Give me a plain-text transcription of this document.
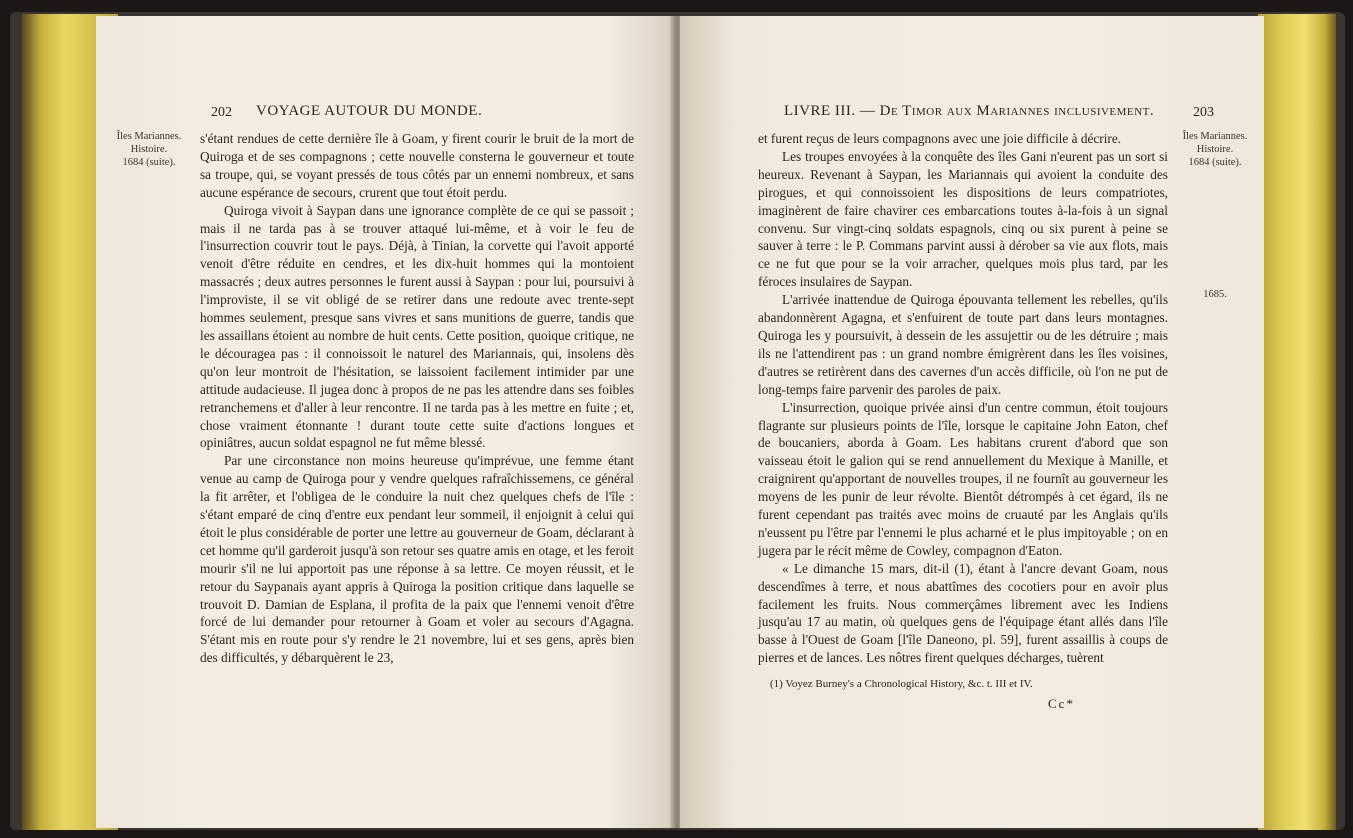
202 VOYAGE AUTOUR DU MONDE.
Îles Mariannes.
Histoire.
1684 (suite).

s'étant rendues de cette dernière île à Goam, y firent courir le bruit de la mort de Quiroga et de ses compagnons ; cette nouvelle consterna le gouverneur et toute sa troupe, qui, se voyant pressés de tous côtés par un ennemi nombreux, et sans aucune espérance de secours, crurent que tout étoit perdu.

Quiroga vivoit à Saypan dans une ignorance complète de ce qui se passoit ; mais il ne tarda pas à se trouver attaqué lui-même, et à voir le feu de l'insurrection couvrir tout le pays. Déjà, à Tinian, la corvette qui l'avoit apporté venoit d'être réduite en cendres, et les dix-huit hommes qui la montoient massacrés ; deux autres personnes le furent aussi à Saypan : pour lui, poursuivi à l'improviste, il se vit obligé de se retirer dans une redoute avec trente-sept hommes seulement, presque sans vivres et sans munitions de guerre, tandis que les assaillans étoient au nombre de huit cents. Cette position, quoique critique, ne le découragea pas : il connoissoit le naturel des Mariannais, qui, insolens dès qu'on leur montroit de l'hésitation, se laissoient facilement intimider par une attitude audacieuse. Il jugea donc à propos de ne pas les attendre dans ses foibles retranchemens et d'aller à leur rencontre. Il ne tarda pas à les mettre en fuite ; et, chose vraiment étonnante ! durant toute cette suite d'actions longues et opiniâtres, aucun soldat espagnol ne fut même blessé.

Par une circonstance non moins heureuse qu'imprévue, une femme étant venue au camp de Quiroga pour y vendre quelques rafraîchissemens, ce général la fit arrêter, et l'obligea de le conduire la nuit chez quelques chefs de l'île : s'étant emparé de cinq d'entre eux pendant leur sommeil, il enjoignit à celui qui étoit le plus considérable de porter une lettre au gouverneur de Goam, déclarant à cet homme qu'il garderoit jusqu'à son retour ses quatre amis en otage, et les feroit mourir s'il ne lui apportoit pas une réponse à sa lettre. Ce moyen réussit, et le retour du Saypanais ayant appris à Quiroga la position critique dans laquelle se trouvoit D. Damian de Esplana, il profita de la paix que l'ennemi venoit d'être forcé de lui demander pour retourner à Goam et voler au secours d'Agagna. S'étant mis en route pour s'y rendre le 21 novembre, lui et ses gens, après bien des difficultés, y débarquèrent le 23,

LIVRE III. — De Timor aux Mariannes inclusivement.	203
Îles Mariannes.
Histoire.
1684 (suite).
1685.

et furent reçus de leurs compagnons avec une joie difficile à décrire.

Les troupes envoyées à la conquête des îles Gani n'eurent pas un sort si heureux. Revenant à Saypan, les Mariannais qui avoient la conduite des pirogues, et qui connoissoient les dispositions de leurs compatriotes, imaginèrent de faire chavirer ces embarcations toutes à-la-fois à un signal convenu. Sur vingt-cinq soldats espagnols, cinq ou six purent à peine se sauver à terre : le P. Commans parvint aussi à dérober sa vie aux flots, mais ce ne fut que pour se la voir arracher, quelques mois plus tard, par les féroces insulaires de Saypan.

L'arrivée inattendue de Quiroga épouvanta tellement les rebelles, qu'ils abandonnèrent Agagna, et s'enfuirent de toute part dans leurs montagnes. Quiroga les y poursuivit, à dessein de les assujettir ou de les détruire ; mais ils ne l'attendirent pas : un grand nombre émigrèrent dans les îles voisines, d'autres se retirèrent dans des cavernes d'un accès difficile, où l'on ne put de long-temps faire parvenir des paroles de paix.

L'insurrection, quoique privée ainsi d'un centre commun, étoit toujours flagrante sur plusieurs points de l'île, lorsque le capitaine John Eaton, chef de boucaniers, aborda à Goam. Les habitans crurent d'abord que son vaisseau étoit le galion qui se rend annuellement du Mexique à Manille, et craignirent qu'apportant de nouvelles troupes, il ne fournît au gouverneur les moyens de les punir de leur révolte. Bientôt détrompés à cet égard, ils ne furent cependant pas traités avec moins de cruauté par les Anglais qu'ils n'eussent pu l'être par l'ennemi le plus acharné et le plus impitoyable ; on en jugera par le récit même de Cowley, compagnon d'Eaton.

« Le dimanche 15 mars, dit-il (1), étant à l'ancre devant Goam, nous descendîmes à terre, et nous abattîmes des cocotiers pour en avoir plus facilement les fruits. Nous commerçâmes librement avec les Indiens jusqu'au 17 au matin, où quelques gens de l'équipage étant allés dans l'île basse à l'Ouest de Goam [l'île Daneono, pl. 59], furent assaillis à coups de pierres et de lances. Les nôtres firent quelques décharges, tuèrent

(1) Voyez Burney's a Chronological History, &c. t. III et IV.
Cc*
